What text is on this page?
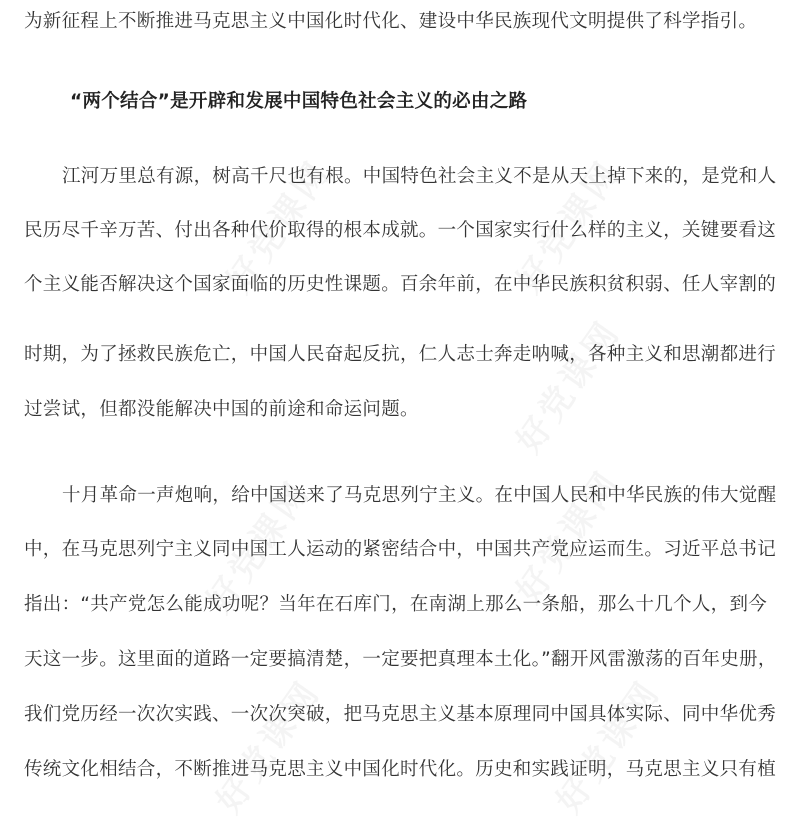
为新征程上不断推进马克思主义中国化时代化、建设中华民族现代文明提供了科学指引。
“两个结合”是开辟和发展中国特色社会主义的必由之路
江河万里总有源，树高千尺也有根。中国特色社会主义不是从天上掉下来的，是党和人
民历尽千辛万苦、付出各种代价取得的根本成就。一个国家实行什么样的主义，关键要看这
个主义能否解决这个国家面临的历史性课题。百余年前，在中华民族积贫积弱、任人宰割的
时期，为了拯救民族危亡，中国人民奋起反抗，仁人志士奔走呐喊，各种主义和思潮都进行
过尝试，但都没能解决中国的前途和命运问题。
十月革命一声炮响，给中国送来了马克思列宁主义。在中国人民和中华民族的伟大觉醒
中，在马克思列宁主义同中国工人运动的紧密结合中，中国共产党应运而生。习近平总书记
指出：“共产党怎么能成功呢？当年在石库门，在南湖上那么一条船，那么十几个人，到今
天这一步。这里面的道路一定要搞清楚，一定要把真理本土化。”翻开风雷激荡的百年史册，
我们党历经一次次实践、一次次突破，把马克思主义基本原理同中国具体实际、同中华优秀
传统文化相结合，不断推进马克思主义中国化时代化。历史和实践证明，马克思主义只有植
